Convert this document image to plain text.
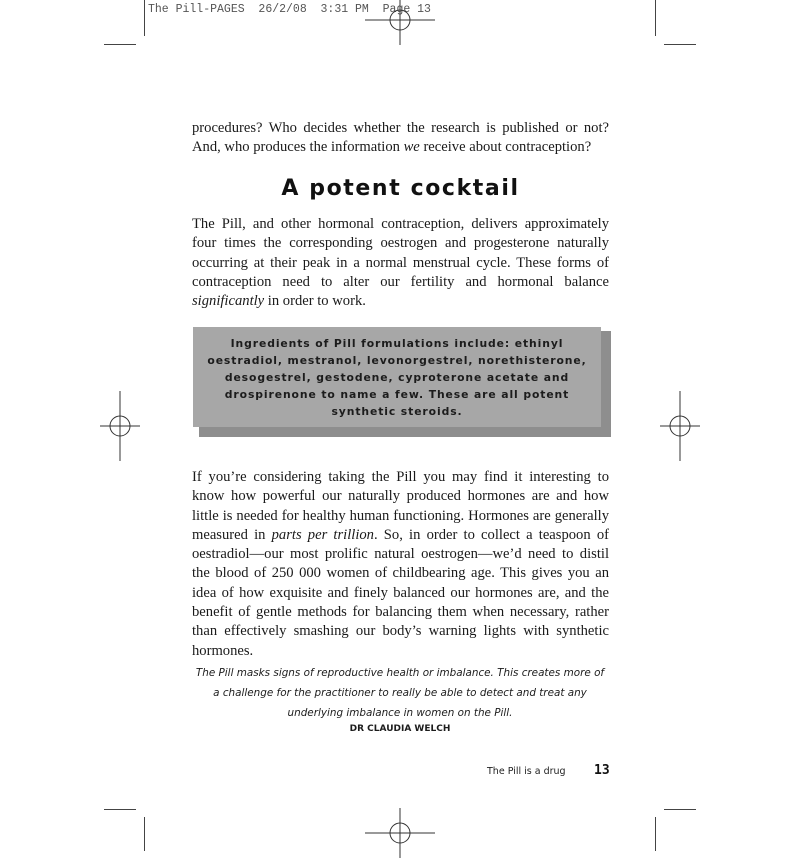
The Pill-PAGES  26/2/08  3:31 PM  Page 13

procedures? Who decides whether the research is published or not? And, who produces the information we receive about contraception?

A potent cocktail

The Pill, and other hormonal contraception, delivers approximately four times the corresponding oestrogen and progesterone naturally occurring at their peak in a normal menstrual cycle. These forms of contraception need to alter our fertility and hormonal balance significantly in order to work.

Ingredients of Pill formulations include: ethinyl oestradiol, mestranol, levonorgestrel, norethisterone, desogestrel, gestodene, cyproterone acetate and drospirenone to name a few. These are all potent synthetic steroids.

If you’re considering taking the Pill you may find it interesting to know how powerful our naturally produced hormones are and how little is needed for healthy human functioning. Hormones are generally measured in parts per trillion. So, in order to collect a teaspoon of oestradiol—our most prolific natural oestrogen—we’d need to distil the blood of 250 000 women of childbearing age. This gives you an idea of how exquisite and finely balanced our hormones are, and the benefit of gentle methods for balancing them when necessary, rather than effectively smashing our body’s warning lights with synthetic hormones.

The Pill masks signs of reproductive health or imbalance. This creates more of
a challenge for the practitioner to really be able to detect and treat any
underlying imbalance in women on the Pill.
DR CLAUDIA WELCH
The Pill is a drug 13
